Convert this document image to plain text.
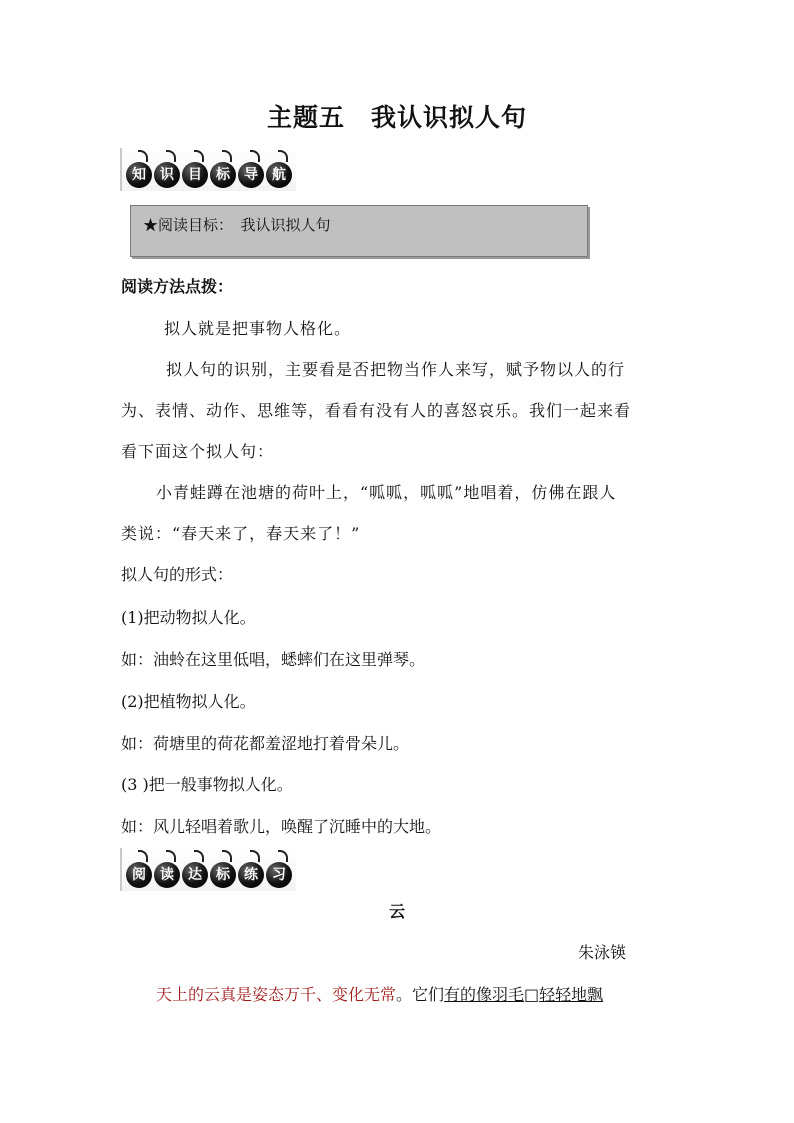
主题五　我认识拟人句
知	识	目	标	导	航
★阅读目标：　我认识拟人句
阅读方法点拨：
拟人就是把事物人格化。
拟人句的识别，主要看是否把物当作人来写，赋予物以人的行
为、表情、动作、思维等，看看有没有人的喜怒哀乐。我们一起来看
看下面这个拟人句：
小青蛙蹲在池塘的荷叶上，“呱呱，呱呱”地唱着，仿佛在跟人
类说：“春天来了，春天来了！”
拟人句的形式：
(1)把动物拟人化。
如：油蛉在这里低唱，蟋蟀们在这里弹琴。
(2)把植物拟人化。
如：荷塘里的荷花都羞涩地打着骨朵儿。
(3 )把一般事物拟人化。
如：风儿轻唱着歌儿，唤醒了沉睡中的大地。
阅	读	达	标	练	习
云
朱泳锳
天上的云真是姿态万千、变化无常。它们有的像羽毛□轻轻地飘
